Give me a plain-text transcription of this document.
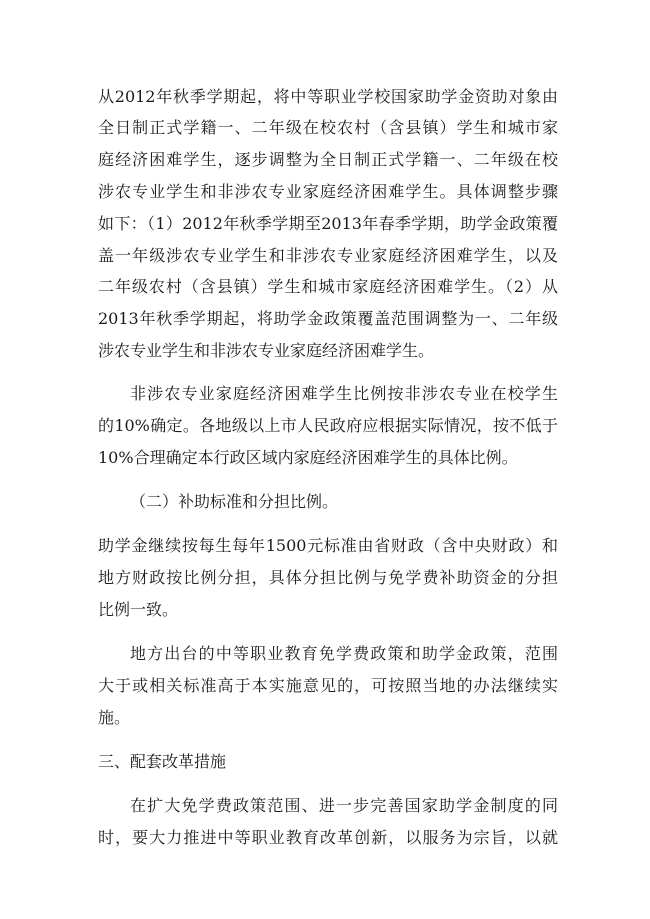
从2012年秋季学期起，将中等职业学校国家助学金资助对象由
全日制正式学籍一、二年级在校农村（含县镇）学生和城市家
庭经济困难学生，逐步调整为全日制正式学籍一、二年级在校
涉农专业学生和非涉农专业家庭经济困难学生。具体调整步骤
如下：（1）2012年秋季学期至2013年春季学期，助学金政策覆
盖一年级涉农专业学生和非涉农专业家庭经济困难学生，以及
二年级农村（含县镇）学生和城市家庭经济困难学生。（2）从
2013年秋季学期起，将助学金政策覆盖范围调整为一、二年级
涉农专业学生和非涉农专业家庭经济困难学生。
非涉农专业家庭经济困难学生比例按非涉农专业在校学生
的10%确定。各地级以上市人民政府应根据实际情况，按不低于
10%合理确定本行政区域内家庭经济困难学生的具体比例。
（二）补助标准和分担比例。
助学金继续按每生每年1500元标准由省财政（含中央财政）和
地方财政按比例分担，具体分担比例与免学费补助资金的分担
比例一致。
地方出台的中等职业教育免学费政策和助学金政策，范围
大于或相关标准高于本实施意见的，可按照当地的办法继续实
施。
三、配套改革措施
在扩大免学费政策范围、进一步完善国家助学金制度的同
时，要大力推进中等职业教育改革创新，以服务为宗旨，以就
